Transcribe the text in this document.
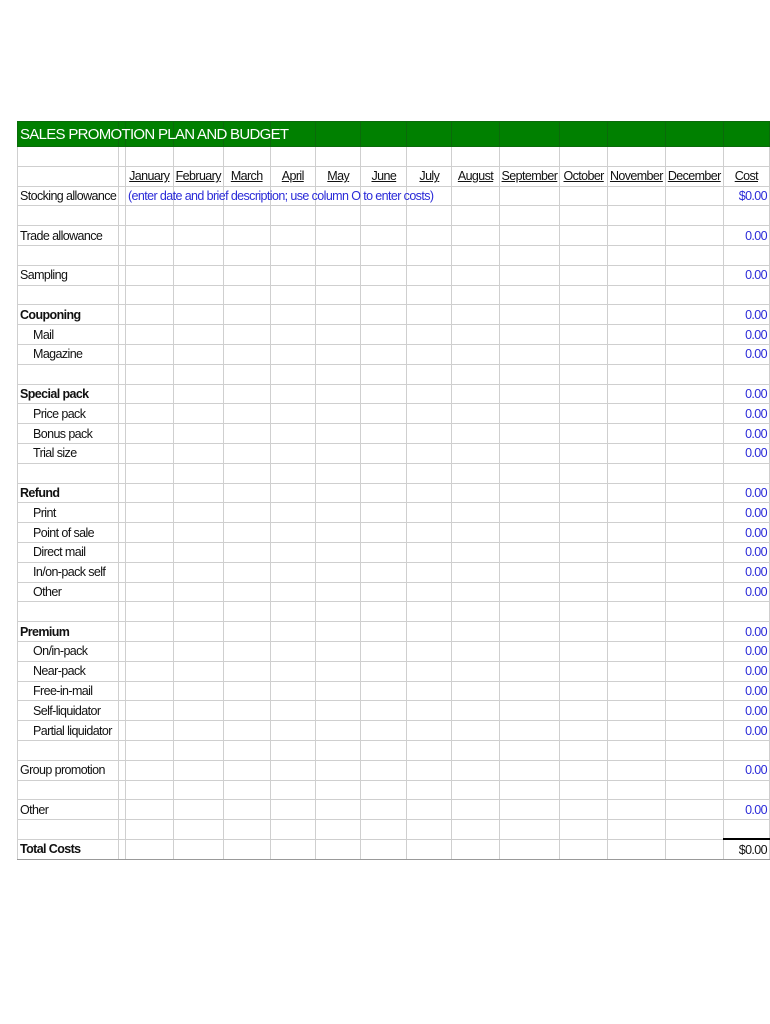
SALES PROMOTION PLAN AND BUDGET														

		January	February	March	April	May	June	July	August	September	October	November	December	Cost
Stocking allowance		(enter date and brief description; use column O to enter costs)												$0.00

Trade allowance														0.00

Sampling														0.00

Couponing														0.00
Mail														0.00
Magazine														0.00

Special pack														0.00
Price pack														0.00
Bonus pack														0.00
Trial size														0.00

Refund														0.00
Print														0.00
Point of sale														0.00
Direct mail														0.00
In/on-pack self														0.00
Other														0.00

Premium														0.00
On/in-pack														0.00
Near-pack														0.00
Free-in-mail														0.00
Self-liquidator														0.00
Partial liquidator														0.00

Group promotion														0.00

Other														0.00

Total Costs														$0.00
